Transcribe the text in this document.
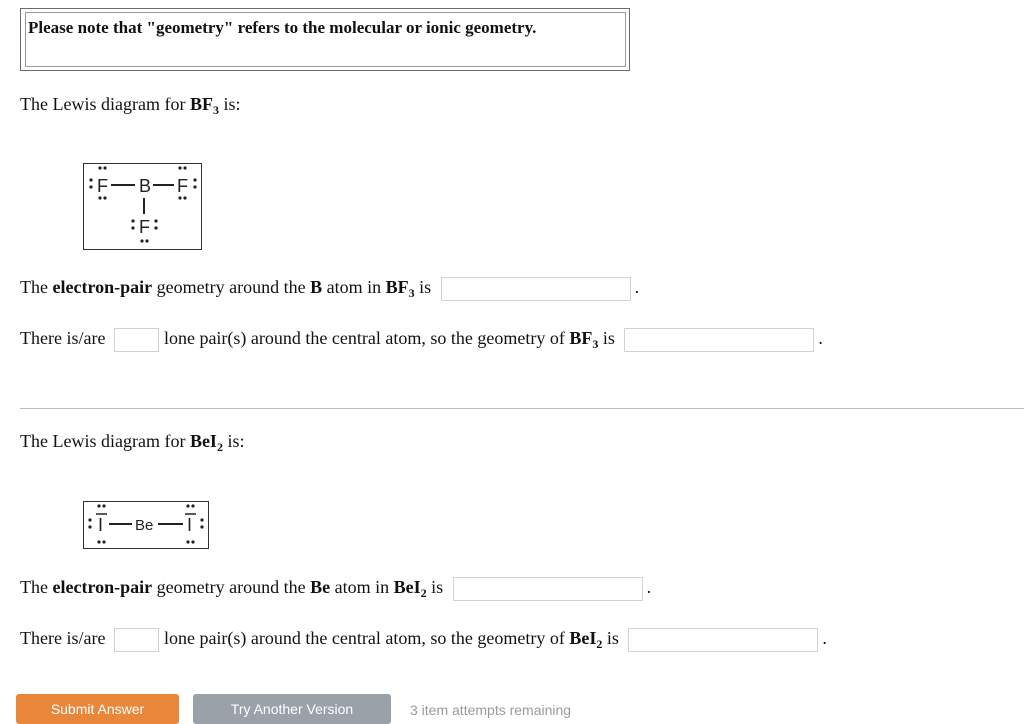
Please note that "geometry" refers to the molecular or ionic geometry.
The Lewis diagram for $BF_3$ is:
F B F
F
The electron-pair geometry around the B atom in $BF_3$ is	.
There is/are	lone pair(s) around the central atom, so the geometry of $BF_3$ is	.
The Lewis diagram for BeI$_2$ is:
I Be I
The electron-pair geometry around the Be atom in BeI$_2$ is	.
There is/are	lone pair(s) around the central atom, so the geometry of BeI$_2$ is	.
Submit Answer	Try Another Version	3 item attempts remaining
